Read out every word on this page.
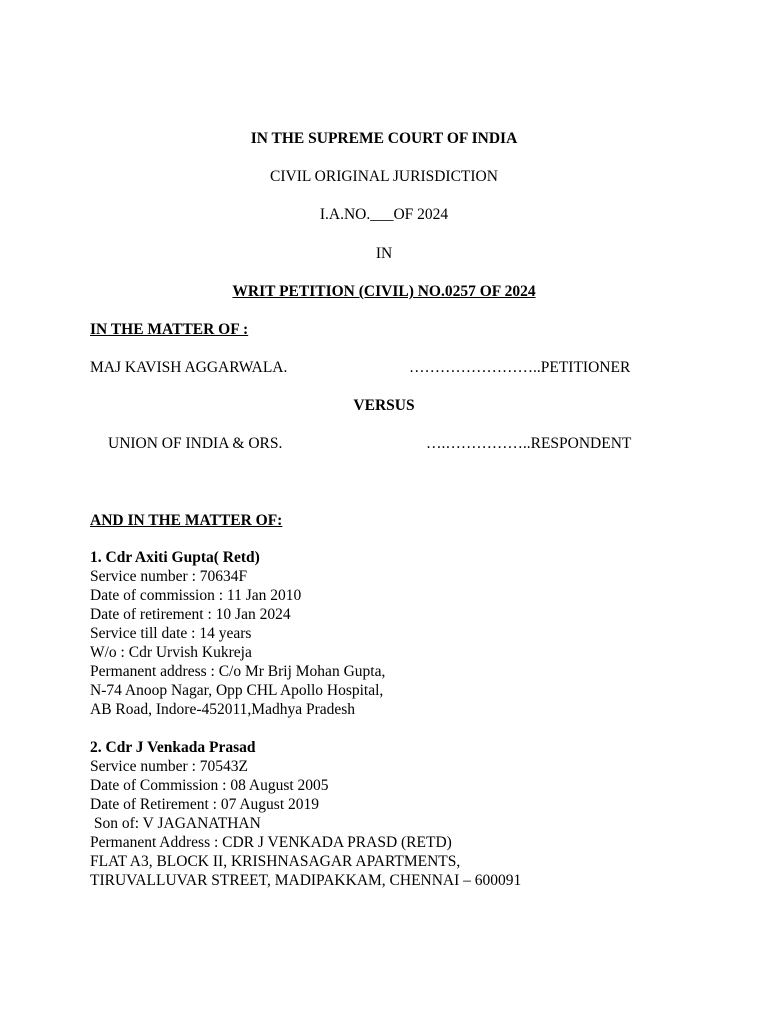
IN THE SUPREME COURT OF INDIA
CIVIL ORIGINAL JURISDICTION
I.A.NO.___OF 2024
IN
WRIT PETITION (CIVIL) NO.0257 OF 2024
IN THE MATTER OF :
MAJ KAVISH AGGARWALA.	……………………..PETITIONER
VERSUS
UNION OF INDIA & ORS.	….……………..RESPONDENT
AND IN THE MATTER OF:
1. Cdr Axiti Gupta( Retd)
Service number : 70634F
Date of commission : 11 Jan 2010
Date of retirement : 10 Jan 2024
Service till date : 14 years
W/o : Cdr Urvish Kukreja
Permanent address : C/o Mr Brij Mohan Gupta,
N-74 Anoop Nagar, Opp CHL Apollo Hospital,
AB Road, Indore-452011,Madhya Pradesh
2. Cdr J Venkada Prasad
Service number : 70543Z
Date of Commission : 08 August 2005
Date of Retirement : 07 August 2019
Son of: V JAGANATHAN
Permanent Address : CDR J VENKADA PRASD (RETD)
FLAT A3, BLOCK II, KRISHNASAGAR APARTMENTS,
TIRUVALLUVAR STREET, MADIPAKKAM, CHENNAI – 600091
